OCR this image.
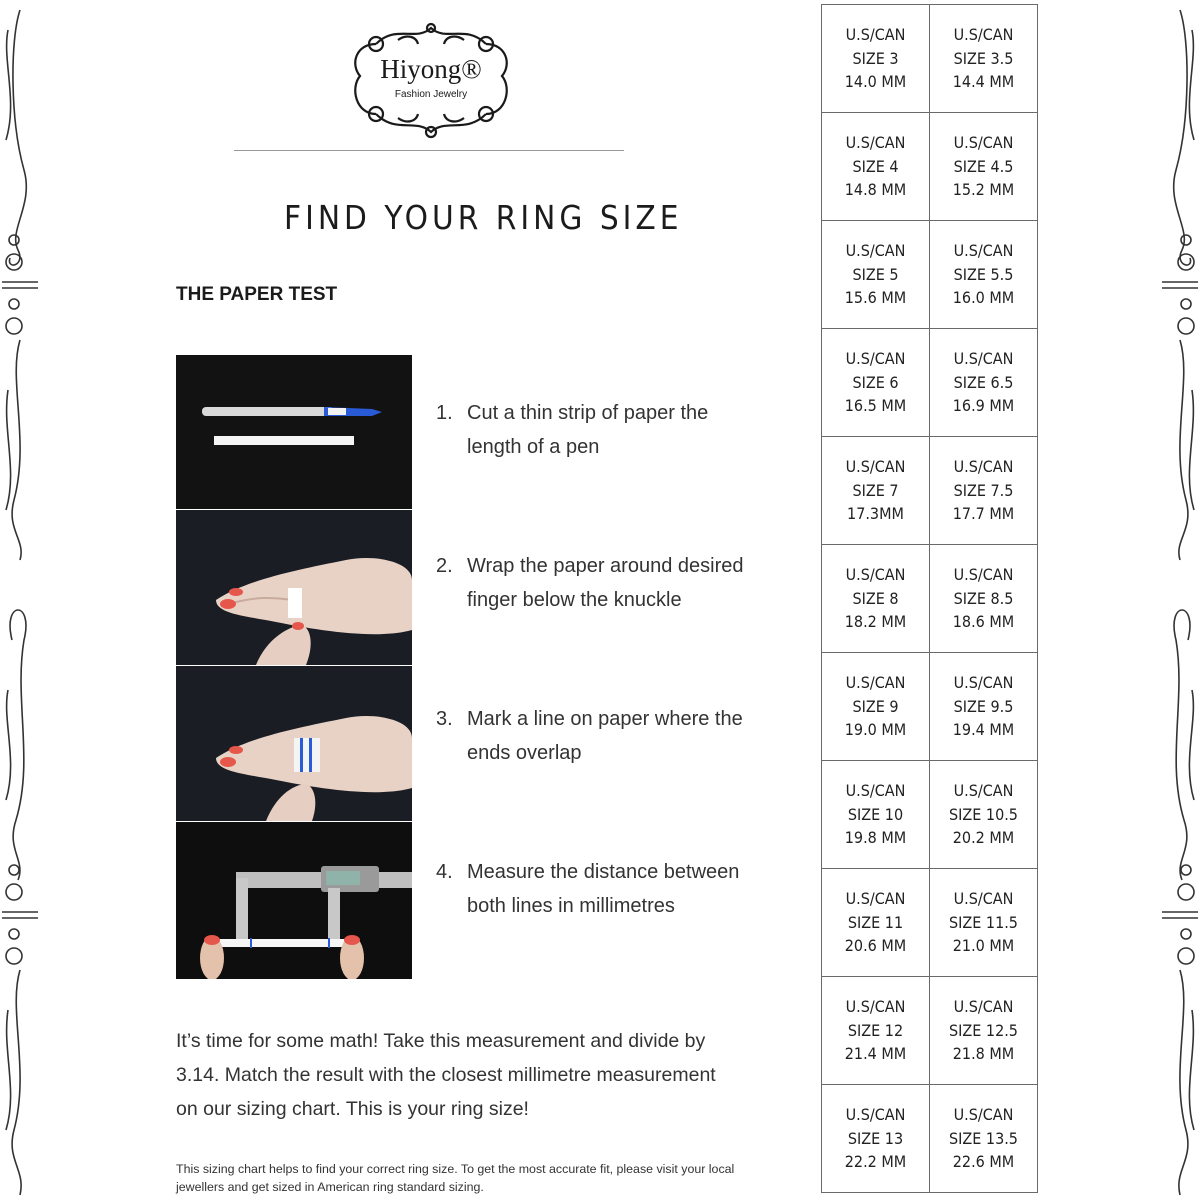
Hiyong®
Fashion Jewelry
FIND YOUR RING SIZE
THE PAPER TEST
1. Cut a thin strip of paper the length of a pen
2. Wrap the paper around desired finger below the knuckle
3. Mark a line on paper where the ends overlap
4. Measure the distance between both lines in millimetres
It’s time for some math! Take this measurement and divide by 3.14. Match the result with the closest millimetre measurement on our sizing chart. This is your ring size!
This sizing chart helps to find your correct ring size. To get the most accurate fit, please visit your local jewellers and get sized in American ring standard sizing.
U.S/CAN
SIZE 3
14.0 MM	U.S/CAN
SIZE 3.5
14.4 MM

U.S/CAN
SIZE 4
14.8 MM	U.S/CAN
SIZE 4.5
15.2 MM

U.S/CAN
SIZE 5
15.6 MM	U.S/CAN
SIZE 5.5
16.0 MM

U.S/CAN
SIZE 6
16.5 MM	U.S/CAN
SIZE 6.5
16.9 MM

U.S/CAN
SIZE 7
17.3MM	U.S/CAN
SIZE 7.5
17.7 MM

U.S/CAN
SIZE 8
18.2 MM	U.S/CAN
SIZE 8.5
18.6 MM

U.S/CAN
SIZE 9
19.0 MM	U.S/CAN
SIZE 9.5
19.4 MM

U.S/CAN
SIZE 10
19.8 MM	U.S/CAN
SIZE 10.5
20.2 MM

U.S/CAN
SIZE 11
20.6 MM	U.S/CAN
SIZE 11.5
21.0 MM

U.S/CAN
SIZE 12
21.4 MM	U.S/CAN
SIZE 12.5
21.8 MM

U.S/CAN
SIZE 13
22.2 MM	U.S/CAN
SIZE 13.5
22.6 MM
